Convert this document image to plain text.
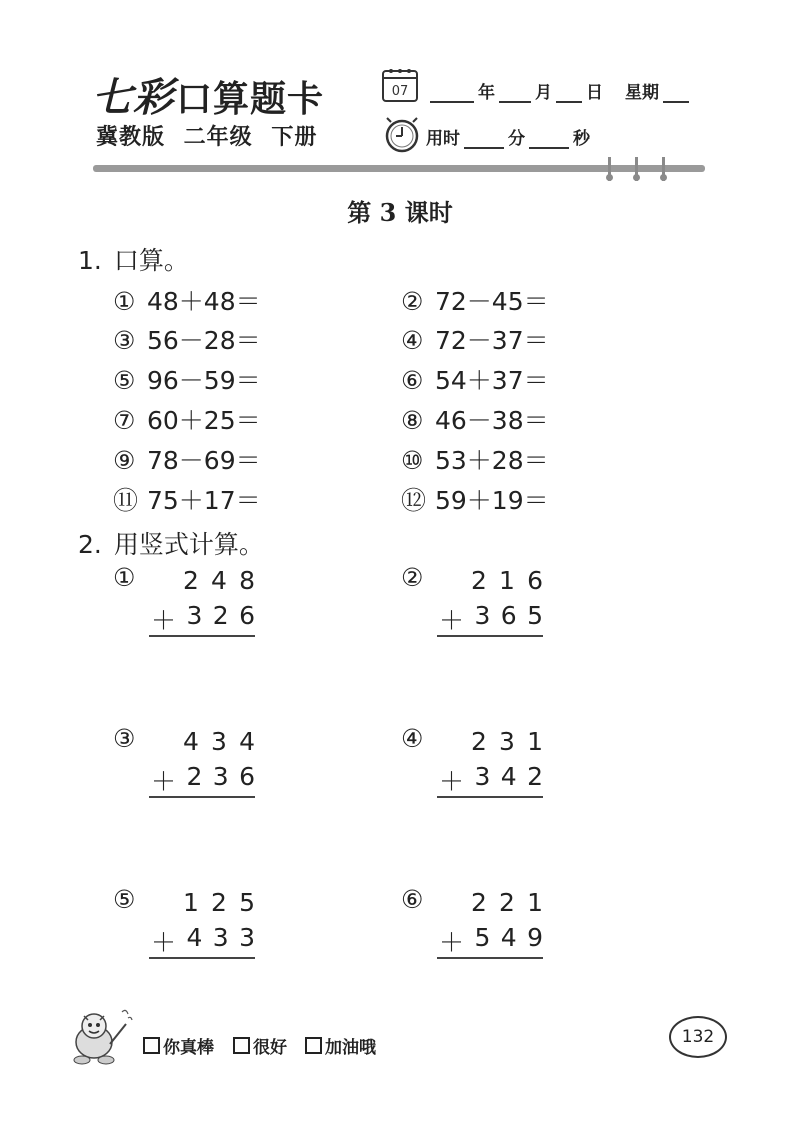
七彩口算题卡
冀教版 二年级 下册
07	年 月 日 星期
用时	分	秒
第 3 课时
1. 口算。
① 48＋48＝	② 72－45＝
③ 56－28＝	④ 72－37＝
⑤ 96－59＝	⑥ 54＋37＝
⑦ 60＋25＝	⑧ 46－38＝
⑨ 78－69＝	⑩ 53＋28＝
⑪ 75＋17＝	⑫ 59＋19＝
2. 用竖式计算。
① 2 4 8
＋ 3 2 6
② 2 1 6
＋ 3 6 5
③ 4 3 4
＋ 2 3 6
④ 2 3 1
＋ 3 4 2
⑤ 1 2 5
＋ 4 3 3
⑥ 2 2 1
＋ 5 4 9
你真棒 很好 加油哦
132
